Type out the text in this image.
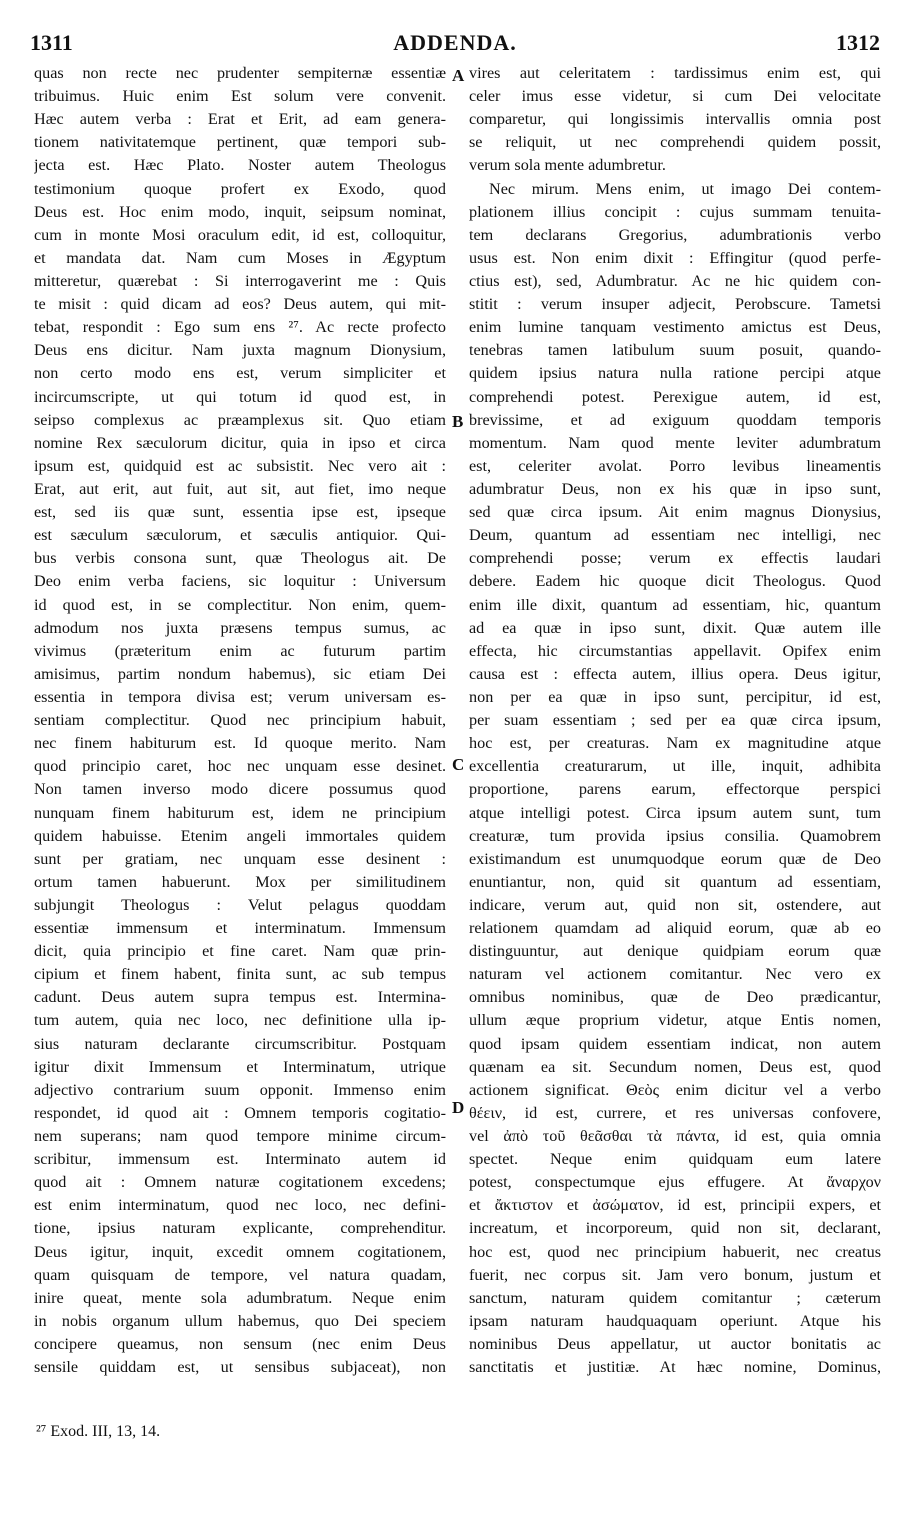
1311	ADDENDA.	1312
quas non recte nec prudenter sempiternæ essentiæ
tribuimus. Huic enim Est solum vere convenit.
Hæc autem verba : Erat et Erit, ad eam genera-
tionem nativitatemque pertinent, quæ tempori sub-
jecta est. Hæc Plato. Noster autem Theologus
testimonium quoque profert ex Exodo, quod
Deus est. Hoc enim modo, inquit, seipsum nominat,
cum in monte Mosi oraculum edit, id est, colloquitur,
et mandata dat. Nam cum Moses in Ægyptum
mitteretur, quærebat : Si interrogaverint me : Quis
te misit : quid dicam ad eos? Deus autem, qui mit-
tebat, respondit : Ego sum ens ²⁷. Ac recte profecto
Deus ens dicitur. Nam juxta magnum Dionysium,
non certo modo ens est, verum simpliciter et
incircumscripte, ut qui totum id quod est, in
seipso complexus ac præamplexus sit. Quo etiam
nomine Rex sæculorum dicitur, quia in ipso et circa
ipsum est, quidquid est ac subsistit. Nec vero ait :
Erat, aut erit, aut fuit, aut sit, aut fiet, imo neque
est, sed iis quæ sunt, essentia ipse est, ipseque
est sæculum sæculorum, et sæculis antiquior. Qui-
bus verbis consona sunt, quæ Theologus ait. De
Deo enim verba faciens, sic loquitur : Universum
id quod est, in se complectitur. Non enim, quem-
admodum nos juxta præsens tempus sumus, ac
vivimus (præteritum enim ac futurum partim
amisimus, partim nondum habemus), sic etiam Dei
essentia in tempora divisa est; verum universam es-
sentiam complectitur. Quod nec principium habuit,
nec finem habiturum est. Id quoque merito. Nam
quod principio caret, hoc nec unquam esse desinet.
Non tamen inverso modo dicere possumus quod
nunquam finem habiturum est, idem ne principium
quidem habuisse. Etenim angeli immortales quidem
sunt per gratiam, nec unquam esse desinent :
ortum tamen habuerunt. Mox per similitudinem
subjungit Theologus : Velut pelagus quoddam
essentiæ immensum et interminatum. Immensum
dicit, quia principio et fine caret. Nam quæ prin-
cipium et finem habent, finita sunt, ac sub tempus
cadunt. Deus autem supra tempus est. Intermina-
tum autem, quia nec loco, nec definitione ulla ip-
sius naturam declarante circumscribitur. Postquam
igitur dixit Immensum et Interminatum, utrique
adjectivo contrarium suum opponit. Immenso enim
respondet, id quod ait : Omnem temporis cogitatio-
nem superans; nam quod tempore minime circum-
scribitur, immensum est. Interminato autem id
quod ait : Omnem naturæ cogitationem excedens;
est enim interminatum, quod nec loco, nec defini-
tione, ipsius naturam explicante, comprehenditur.
Deus igitur, inquit, excedit omnem cogitationem,
quam quisquam de tempore, vel natura quadam,
inire queat, mente sola adumbratum. Neque enim
in nobis organum ullum habemus, quo Dei speciem
concipere queamus, non sensum (nec enim Deus
sensile quiddam est, ut sensibus subjaceat), non
vires aut celeritatem : tardissimus enim est, qui
celer imus esse videtur, si cum Dei velocitate
comparetur, qui longissimis intervallis omnia post
se reliquit, ut nec comprehendi quidem possit,
verum sola mente adumbretur.
Nec mirum. Mens enim, ut imago Dei contem-
plationem illius concipit : cujus summam tenuita-
tem declarans Gregorius, adumbrationis verbo
usus est. Non enim dixit : Effingitur (quod perfe-
ctius est), sed, Adumbratur. Ac ne hic quidem con-
stitit : verum insuper adjecit, Perobscure. Tametsi
enim lumine tanquam vestimento amictus est Deus,
tenebras tamen latibulum suum posuit, quando-
quidem ipsius natura nulla ratione percipi atque
comprehendi potest. Perexigue autem, id est,
brevissime, et ad exiguum quoddam temporis
momentum. Nam quod mente leviter adumbratum
est, celeriter avolat. Porro levibus lineamentis
adumbratur Deus, non ex his quæ in ipso sunt,
sed quæ circa ipsum. Ait enim magnus Dionysius,
Deum, quantum ad essentiam nec intelligi, nec
comprehendi posse; verum ex effectis laudari
debere. Eadem hic quoque dicit Theologus. Quod
enim ille dixit, quantum ad essentiam, hic, quantum
ad ea quæ in ipso sunt, dixit. Quæ autem ille
effecta, hic circumstantias appellavit. Opifex enim
causa est : effecta autem, illius opera. Deus igitur,
non per ea quæ in ipso sunt, percipitur, id est,
per suam essentiam ; sed per ea quæ circa ipsum,
hoc est, per creaturas. Nam ex magnitudine atque
excellentia creaturarum, ut ille, inquit, adhibita
proportione, parens earum, effectorque perspici
atque intelligi potest. Circa ipsum autem sunt, tum
creaturæ, tum provida ipsius consilia. Quamobrem
existimandum est unumquodque eorum quæ de Deo
enuntiantur, non, quid sit quantum ad essentiam,
indicare, verum aut, quid non sit, ostendere, aut
relationem quamdam ad aliquid eorum, quæ ab eo
distinguuntur, aut denique quidpiam eorum quæ
naturam vel actionem comitantur. Nec vero ex
omnibus nominibus, quæ de Deo prædicantur,
ullum æque proprium videtur, atque Entis nomen,
quod ipsam quidem essentiam indicat, non autem
quænam ea sit. Secundum nomen, Deus est, quod
actionem significat. Θεὸς enim dicitur vel a verbo
θέειν, id est, currere, et res universas confovere,
vel ἀπὸ τοῦ θεᾶσθαι τὰ πάντα, id est, quia omnia
spectet. Neque enim quidquam eum latere
potest, conspectumque ejus effugere. At ἄναρχον
et ἄκτιστον et ἀσώματον, id est, principii expers, et
increatum, et incorporeum, quid non sit, declarant,
hoc est, quod nec principium habuerit, nec creatus
fuerit, nec corpus sit. Jam vero bonum, justum et
sanctum, naturam quidem comitantur ; cæterum
ipsam naturam haudquaquam operiunt. Atque his
nominibus Deus appellatur, ut auctor bonitatis ac
sanctitatis et justitiæ. At hæc nomine, Dominus,
A
B
C
D
²⁷ Exod. III, 13, 14.
